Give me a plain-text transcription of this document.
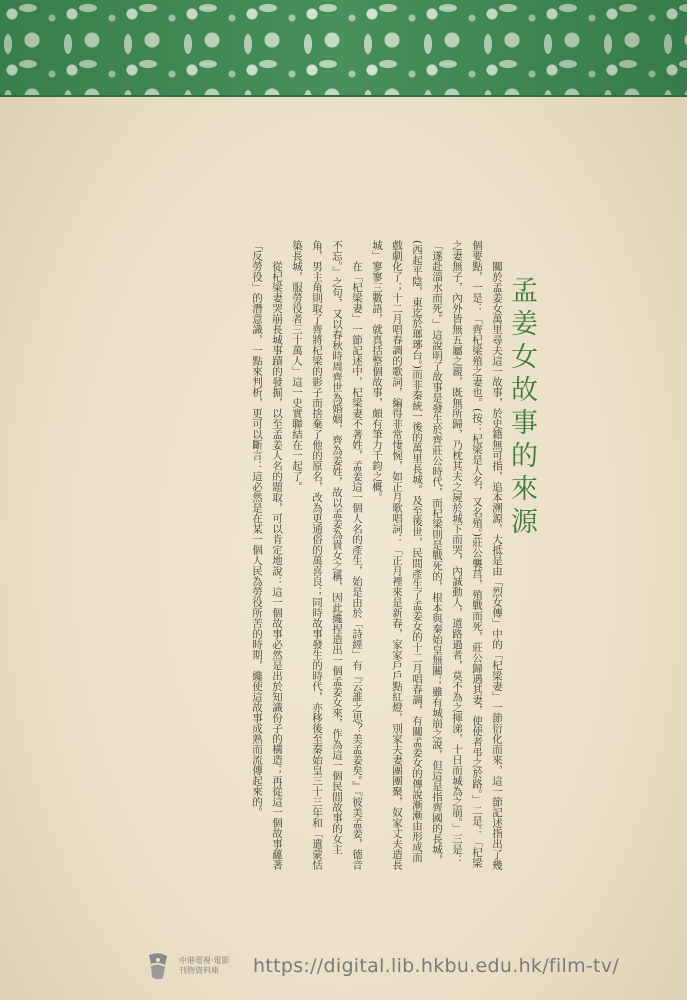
孟姜女故事的來源

關於孟姜女萬里尋夫這一故事，於史籍無可指，追本溯源，大抵是由「烈女傳」中的「杞梁妻」一節衍化而來，這一節記述指出了幾個要點，一是：「齊杞梁殖之妻也。(按：杞梁是人名，又名殖。)莊公襲莒，殖戰而死，莊公歸遇其妻，使使者弔之於路。」二是：「杞梁之妻無子，內外皆無五屬之親，既無所歸，乃枕其夫之屍於城下而哭，內誠動人，道路過者，莫不為之揮涕，十日而城為之崩。」三是：「遂赴淄水而死。」這說明了故事是發生於齊莊公時代，而杞梁則是戰死的，根本與秦始皇無關；雖有城崩之說，但這是指齊國的長城，(西起平陰，東迄於瑯琊台。)而非秦統一後的萬里長城。及至後世，民間產生了孟姜女的十二月唱春調，有關孟姜女的傳說漸漸由形成而戲劇化了；十二月唱春調的歌詞，編得非常悽惋，如正月歌唱詞：「正月裡來是新春，家家戶戶點紅燈，別家夫妻團團聚，奴家丈夫造長城」寥寥三數語，就真括整個故事，頗有筆力千鈞之概。

在「杞梁妻」一節記述中，杞梁妻不著姓，孟姜這一個人名的產生，始是由於「詩經」有『云誰之思？美孟姜矣。』『彼美孟姜，德音不忘。』之句，又以春秋時周齊世為婚姻，齊為姜姓，故以孟姜為貴女之稱，因此纔捏造出一個孟姜女來，作為這一個民間故事的女主角，男主角則取了齊將杞梁的影子而捨棄了他的原名，改為更通俗的萬喜良；同時故事發生的時代，亦移後至秦始皇三十三年和「遣蒙恬築長城，服勞役者三十萬人」這一史實聯結在一起了。

從杞梁妻哭崩長城事蹟的發掘，以至孟姜人名的題取，可以肯定地說：這一個故事必然是出於知識份子的構造；再從這一個故事蘊著「反勞役」的潛意識，一點來判析，更可以斷言：這必然是在某一個人民為勞役所苦的時期，纔使這故事成熟而流傳起來的。

中港電視‧電影
刊物資料庫	https://digital.lib.hkbu.edu.hk/film-tv/
